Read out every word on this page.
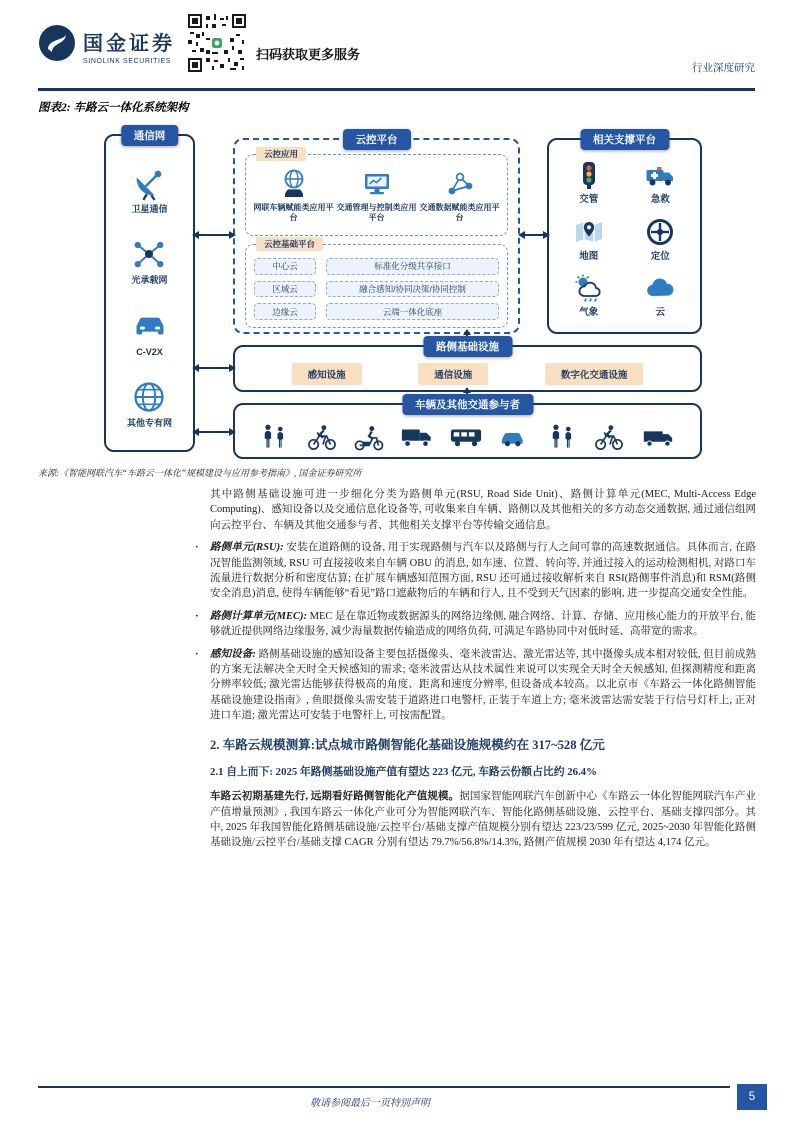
国金证券
SINOLINK SECURITIES	扫码获取更多服务
行业深度研究
图表2: 车路云一体化系统架构
通信网
卫星通信
光承载网
C-V2X
其他专有网
云控平台
云控应用
网联车辆赋能类应用平台
交通管理与控制类应用平台
交通数据赋能类应用平台
云控基础平台
中心云
区域云
边缘云
标准化分级共享接口
融合感知/协同决策/协同控制
云端一体化底座
相关支撑平台
交管	急救
地图	定位
气象	云
路侧基础设施
感知设施	通信设施	数字化交通设施
车辆及其他交通参与者
来源:《智能网联汽车“车路云一体化”规模建设与应用参考指南》, 国金证券研究所

其中路侧基础设施可进一步细化分类为路侧单元(RSU, Road Side Unit)、路侧计算单元(MEC, Multi-Access Edge Computing)、感知设备以及交通信息化设备等, 可收集来自车辆、路侧以及其他相关的多方动态交通数据, 通过通信组网向云控平台、车辆及其他交通参与者、其他相关支撑平台等传输交通信息。

· 路侧单元(RSU): 安装在道路侧的设备, 用于实现路侧与汽车以及路侧与行人之间可靠的高速数据通信。具体而言, 在路况智能监测领域, RSU 可直接接收来自车辆 OBU 的消息, 如车速、位置、转向等, 并通过接入的运动检测相机, 对路口车流量进行数据分析和密度估算; 在扩展车辆感知范围方面, RSU 还可通过接收解析来自 RSI(路侧事件消息)和 RSM(路侧安全消息)消息, 使得车辆能够“看见”路口遮蔽物后的车辆和行人, 且不受到天气因素的影响, 进一步提高交通安全性能。
· 路侧计算单元(MEC): MEC 是在靠近物或数据源头的网络边缘侧, 融合网络、计算、存储、应用核心能力的开放平台, 能够就近提供网络边缘服务, 减少海量数据传输造成的网络负荷, 可满足车路协同中对低时延、高带宽的需求。
· 感知设备: 路侧基础设施的感知设备主要包括摄像头、毫米波雷达、激光雷达等, 其中摄像头成本相对较低, 但目前成熟的方案无法解决全天时全天候感知的需求; 毫米波雷达从技术属性来说可以实现全天时全天候感知, 但探测精度和距离分辨率较低; 激光雷达能够获得极高的角度、距离和速度分辨率, 但设备成本较高。以北京市《车路云一体化路侧智能基础设施建设指南》, 鱼眼摄像头需安装于道路进口电警杆, 正装于车道上方; 毫米波雷达需安装于行信号灯杆上, 正对进口车道; 激光雷达可安装于电警杆上, 可按需配置。
2. 车路云规模测算:试点城市路侧智能化基础设施规模约在 317~528 亿元
2.1 自上而下: 2025 年路侧基础设施产值有望达 223 亿元, 车路云份额占比约 26.4%

车路云初期基建先行, 远期看好路侧智能化产值规模。据国家智能网联汽车创新中心《车路云一体化智能网联汽车产业产值增量预测》, 我国车路云一体化产业可分为智能网联汽车、智能化路侧基础设施、云控平台、基础支撑四部分。其中, 2025 年我国智能化路侧基础设施/云控平台/基础支撑产值规模分别有望达 223/23/599 亿元, 2025~2030 年智能化路侧基础设施/云控平台/基础支撑 CAGR 分别有望达 79.7%/56.8%/14.3%, 路侧产值规模 2030 年有望达 4,174 亿元。

敬请参阅最后一页特别声明
5
